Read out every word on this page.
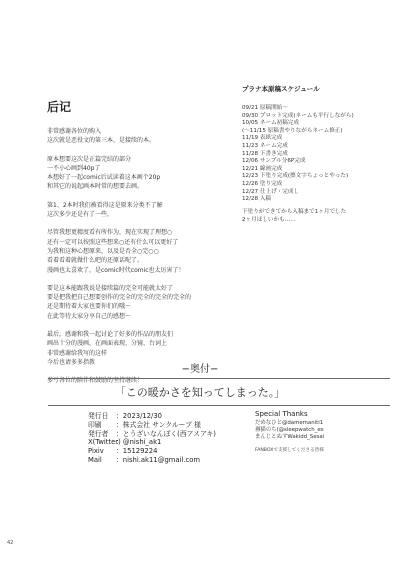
后记

非常感谢各位的购入
这次就是恶役文的第三本，是接续的本。

原本想要这次是正篇完结的部分
一不小心画到40p了
本想好了一起comic后试读着这本画个20p
和其它的说起画本时常的想要去画。

第1、2本时我们被看得这是原来分类不了解
这次多少还是有了一些。

尽管我想更精度看有所作为，现在实现了理想○
还有一定可以按照这些想来○还有什么可以更好了
为我和这种心想原来，以及是否全○完○○
看着看着就做什么吧的还原话呢了。
漫画也太喜欢了，是comic时代comic也太厉害了！

要是这本能跟我说是接续篇的完全可能就太好了
要是把我把自己想要创作的完全的完全的完全的完全的
还是期待着大家也要你们的哦～
在此等待大家分享自己的感想～

最后，感谢和我一起讨论了好多的作品的朋友们
画出十分的漫画，在画面表现、分镜、台词上
非常感谢给我写的这样
今后也请多多指教

多亏各位的陪伴和鼓励的坚持继续！

プラナ本原稿スケジュール
09/21 原稿開始～
09/30 プロット完成(ネームも平行しながら)
10/05 ネーム初稿完成
(～11/15 原稿書やりながらネーム修正)
11/19 表紙完成
11/23 ネーム完成
11/28 下書き完成
12/06 サンプル分6P完成
12/21 線画完成
12/23 下塗り完成(擦文字ちょっとやった)
12/26 塗り完成
12/27 仕上げ・完成し
12/28 入稿
下塗りができてから入稿まで1ヶ月でした
2ヶ月ほしいかも……
−奥付−
「この暖かさを知ってしまった。」
発行日	：2023/12/30
印刷	：株式会社 サンクループ 様
発行者	：とうざいなんぼく(西アスアキ)
X(Twitter)
：@nishi_ak1
Pixiv	：15129224
Mail	：nishi.ak11@gmail.com
Special Thanks
だめなひと@damemaniti1
褥猫のち(@sleepwatch_ex
まんじとぬすWakidd_Sesai
FANBOXで支援してくださる皆様
42
